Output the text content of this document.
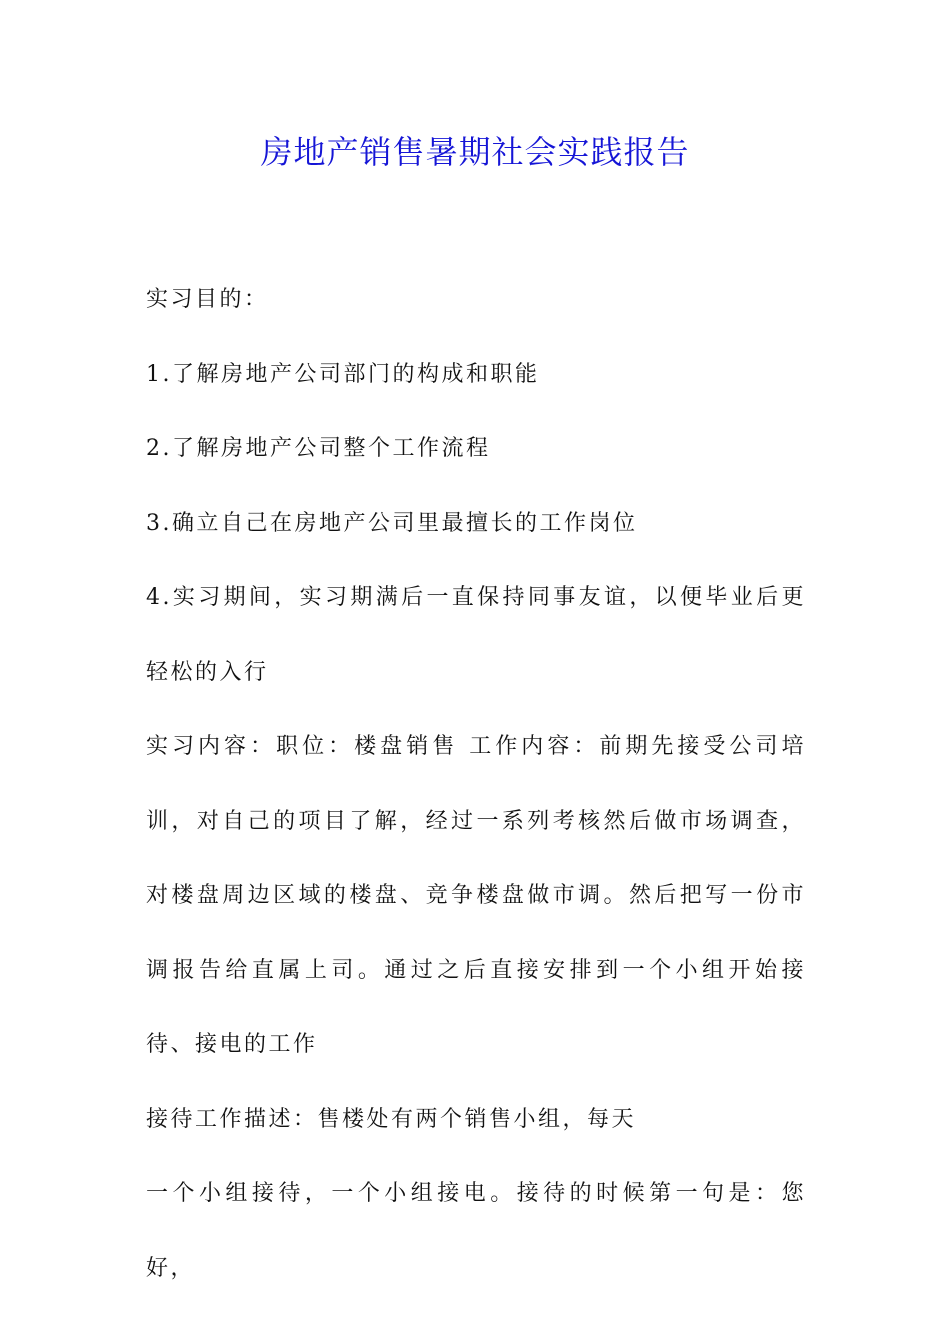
房地产销售暑期社会实践报告

实习目的：

1.了解房地产公司部门的构成和职能

2.了解房地产公司整个工作流程

3.确立自己在房地产公司里最擅长的工作岗位

4.实习期间，实习期满后一直保持同事友谊，以便毕业后更轻松的入行

实习内容：职位：楼盘销售 工作内容：前期先接受公司培训，对自己的项目了解，经过一系列考核然后做市场调查，对楼盘周边区域的楼盘、竞争楼盘做市调。然后把写一份市调报告给直属上司。通过之后直接安排到一个小组开始接待、接电的工作

接待工作描述：售楼处有两个销售小组，每天

一个小组接待，一个小组接电。接待的时候第一句是：您好，
